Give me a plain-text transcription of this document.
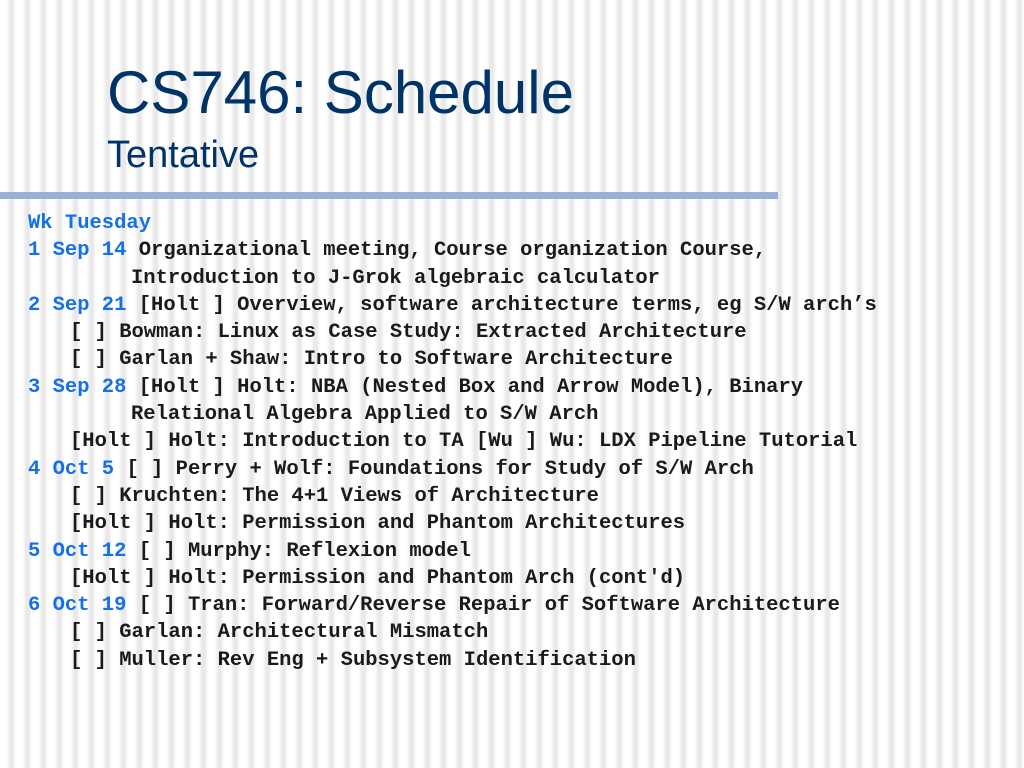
CS746: Schedule
Tentative
Wk Tuesday
1 Sep 14 Organizational meeting, Course organization Course,
Introduction to J-Grok algebraic calculator
2 Sep 21 [Holt ] Overview, software architecture terms, eg S/W arch’s
[ ] Bowman: Linux as Case Study: Extracted Architecture
[ ] Garlan + Shaw: Intro to Software Architecture
3 Sep 28 [Holt ] Holt: NBA (Nested Box and Arrow Model), Binary
Relational Algebra Applied to S/W Arch
[Holt ] Holt: Introduction to TA [Wu ] Wu: LDX Pipeline Tutorial
4 Oct 5 [ ] Perry + Wolf: Foundations for Study of S/W Arch
[ ] Kruchten: The 4+1 Views of Architecture
[Holt ] Holt: Permission and Phantom Architectures
5 Oct 12 [ ] Murphy: Reflexion model
[Holt ] Holt: Permission and Phantom Arch (cont'd)
6 Oct 19 [ ] Tran: Forward/Reverse Repair of Software Architecture
[ ] Garlan: Architectural Mismatch
[ ] Muller: Rev Eng + Subsystem Identification
